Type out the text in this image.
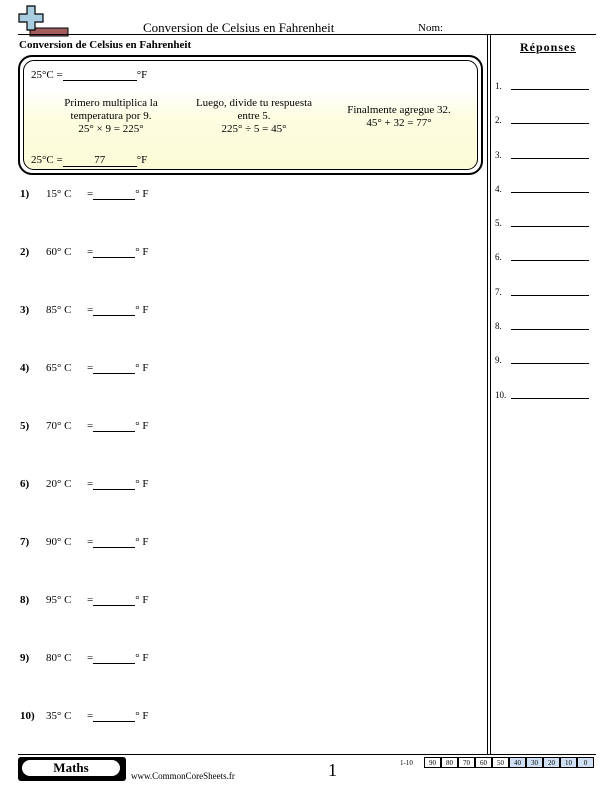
Conversion de Celsius en Fahrenheit	Nom:
Conversion de Celsius en Fahrenheit
25°C =	°F
Primero multiplica la
temperatura por 9.
25° × 9 = 225°
Luego, divide tu respuesta
entre 5.
225° ÷ 5 = 45°
Finalmente agregue 32.
45° + 32 = 77°
25°C =	77	°F
1) 15° C =	° F
2) 60° C =	° F
3) 85° C =	° F
4) 65° C =	° F
5) 70° C =	° F
6) 20° C =	° F
7) 90° C =	° F
8) 95° C =	° F
9) 80° C =	° F
10) 35° C =	° F
Réponses
1.
2.
3.
4.
5.
6.
7.
8.
9.
10.
Maths
www.CommonCoreSheets.fr	1	1-10	90	80	70	60	50	40	30	20	10	0
